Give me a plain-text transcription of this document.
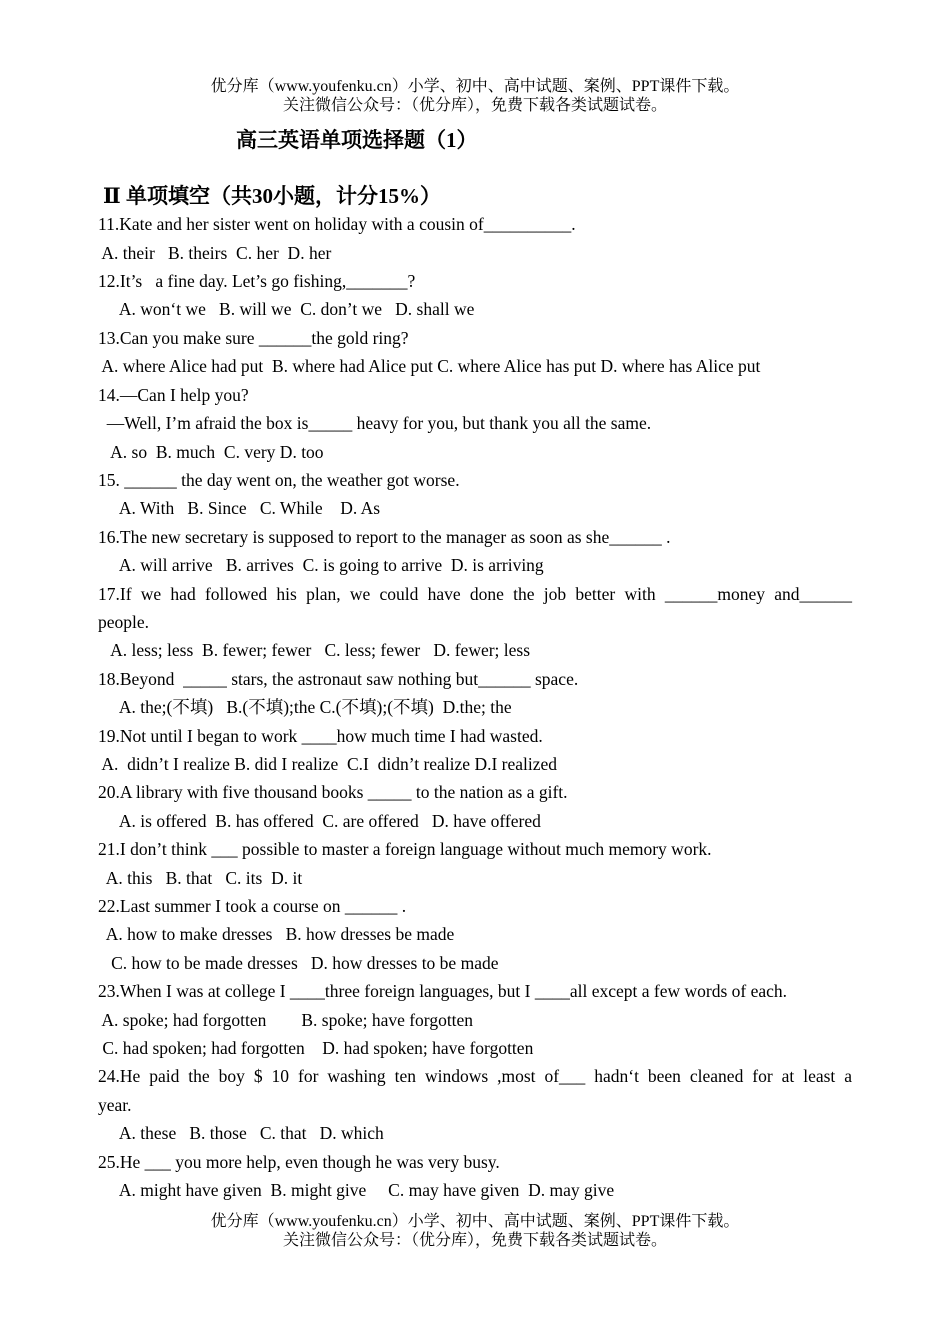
优分库（www.youfenku.cn）小学、初中、高中试题、案例、PPT课件下载。
关注微信公众号：（优分库），免费下载各类试题试卷。
高三英语单项选择题（1）
Ⅱ 单项填空（共30小题，计分15%）
11.Kate and her sister went on holiday with a cousin of__________.
A. their   B. theirs  C. her  D. her
12.It’s   a fine day. Let’s go fishing,_______?
A. won‘t we   B. will we  C. don’t we   D. shall we
13.Can you make sure ______the gold ring?
A. where Alice had put  B. where had Alice put C. where Alice has put D. where has Alice put
14.—Can I help you?
—Well, I’m afraid the box is_____ heavy for you, but thank you all the same.
A. so  B. much  C. very D. too
15. ______ the day went on, the weather got worse.
A. With   B. Since   C. While    D. As
16.The new secretary is supposed to report to the manager as soon as she______ .
A. will arrive   B. arrives  C. is going to arrive  D. is arriving
17.If we had followed his plan, we could have done the job better with ______money and______
people.
A. less; less  B. fewer; fewer   C. less; fewer   D. fewer; less
18.Beyond  _____ stars, the astronaut saw nothing but______ space.
A. the;(不填)   B.(不填);the C.(不填);(不填)  D.the; the
19.Not until I began to work ____how much time I had wasted.
A.  didn’t I realize B. did I realize  C.I  didn’t realize D.I realized
20.A library with five thousand books _____ to the nation as a gift.
A. is offered  B. has offered  C. are offered   D. have offered
21.I don’t think ___ possible to master a foreign language without much memory work.
A. this   B. that   C. its  D. it
22.Last summer I took a course on ______ .
A. how to make dresses   B. how dresses be made
C. how to be made dresses   D. how dresses to be made
23.When I was at college I ____three foreign languages, but I ____all except a few words of each.
A. spoke; had forgotten        B. spoke; have forgotten
C. had spoken; had forgotten    D. had spoken; have forgotten
24.He paid the boy $ 10 for washing ten windows ,most of___ hadn‘t been cleaned for at least a
year.
A. these   B. those   C. that   D. which
25.He ___ you more help, even though he was very busy.
A. might have given  B. might give     C. may have given  D. may give
优分库（www.youfenku.cn）小学、初中、高中试题、案例、PPT课件下载。
关注微信公众号：（优分库），免费下载各类试题试卷。
